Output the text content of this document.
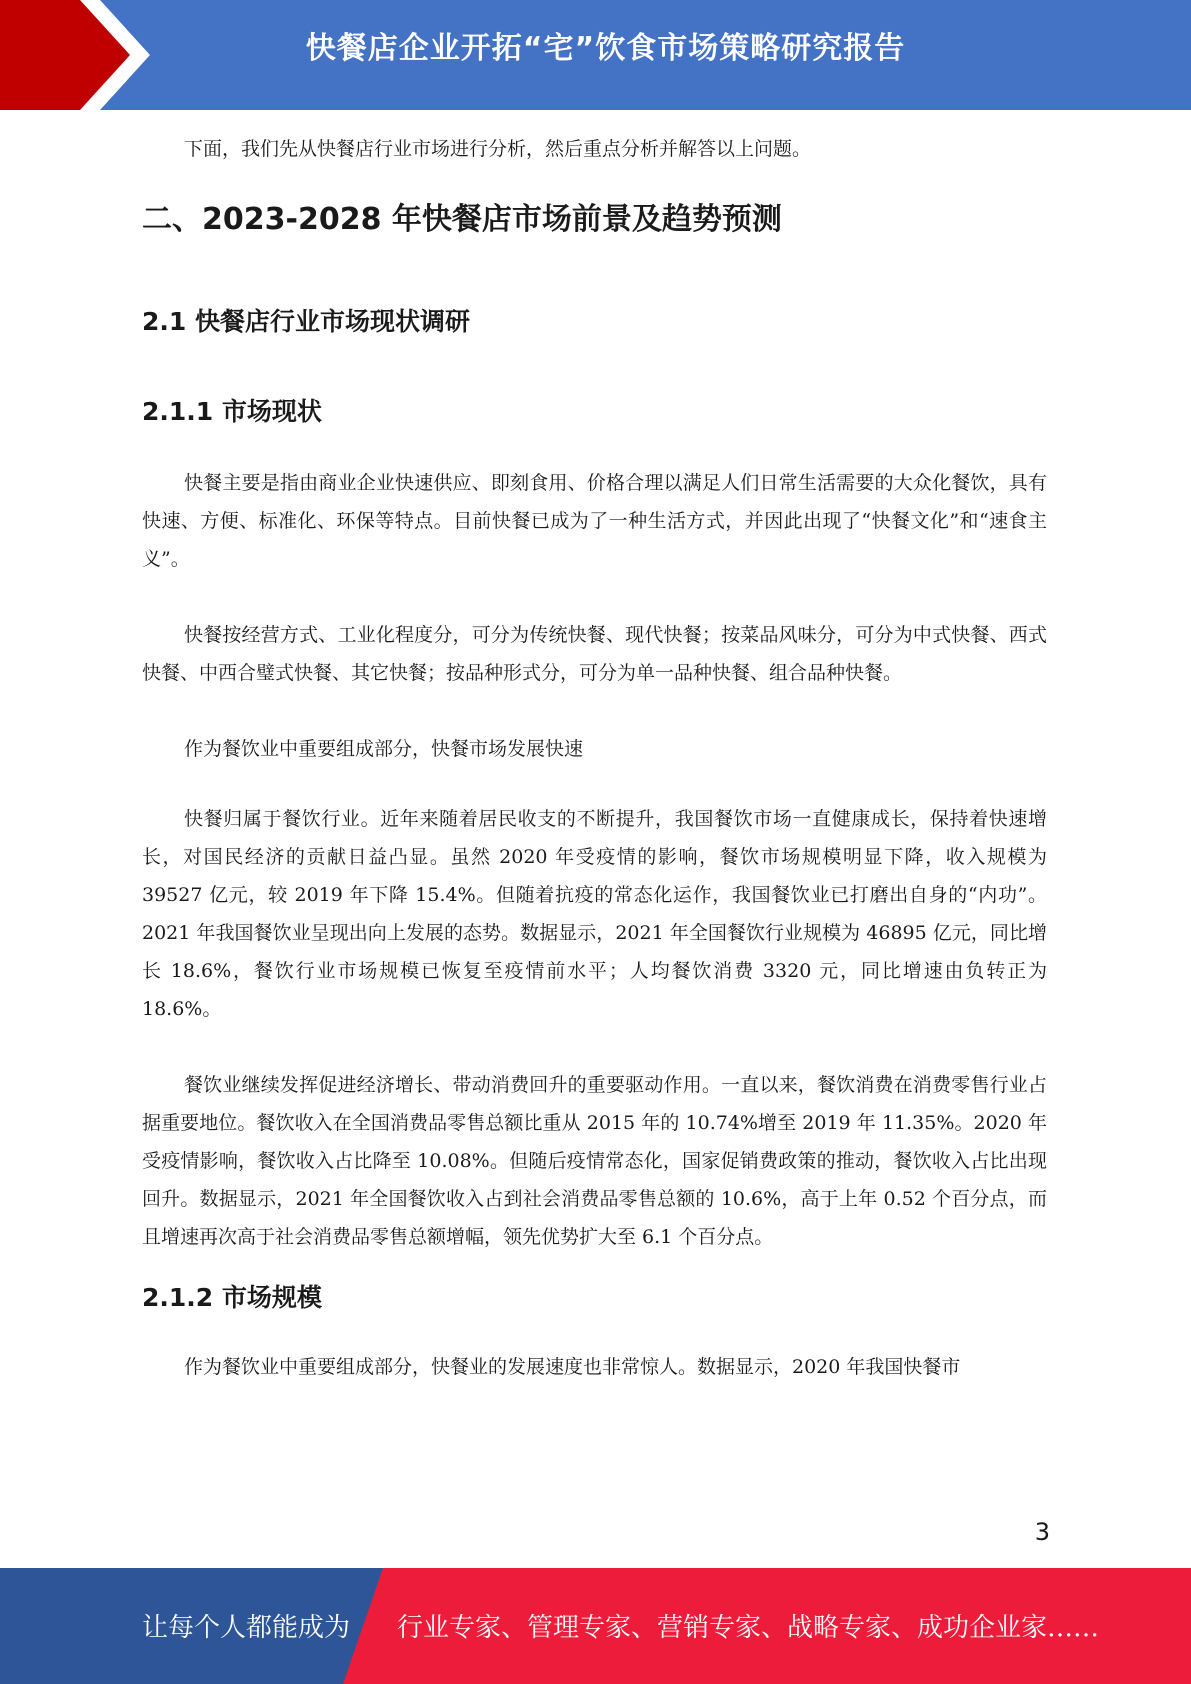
快餐店企业开拓“宅”饮食市场策略研究报告

下面，我们先从快餐店行业市场进行分析，然后重点分析并解答以上问题。

二、2023-2028 年快餐店市场前景及趋势预测
2.1 快餐店行业市场现状调研
2.1.1 市场现状

快餐主要是指由商业企业快速供应、即刻食用、价格合理以满足人们日常生活需要的大众化餐饮，具有快速、方便、标准化、环保等特点。目前快餐已成为了一种生活方式，并因此出现了“快餐文化”和“速食主义”。

快餐按经营方式、工业化程度分，可分为传统快餐、现代快餐；按菜品风味分，可分为中式快餐、西式快餐、中西合璧式快餐、其它快餐；按品种形式分，可分为单一品种快餐、组合品种快餐。

作为餐饮业中重要组成部分，快餐市场发展快速

快餐归属于餐饮行业。近年来随着居民收支的不断提升，我国餐饮市场一直健康成长，保持着快速增长，对国民经济的贡献日益凸显。虽然 2020 年受疫情的影响，餐饮市场规模明显下降，收入规模为 39527 亿元，较 2019 年下降 15.4%。但随着抗疫的常态化运作，我国餐饮业已打磨出自身的“内功”。2021 年我国餐饮业呈现出向上发展的态势。数据显示，2021 年全国餐饮行业规模为 46895 亿元，同比增长 18.6%，餐饮行业市场规模已恢复至疫情前水平；人均餐饮消费 3320 元，同比增速由负转正为 18.6%。

餐饮业继续发挥促进经济增长、带动消费回升的重要驱动作用。一直以来，餐饮消费在消费零售行业占据重要地位。餐饮收入在全国消费品零售总额比重从 2015 年的 10.74%增至 2019 年 11.35%。2020 年受疫情影响，餐饮收入占比降至 10.08%。但随后疫情常态化，国家促销费政策的推动，餐饮收入占比出现回升。数据显示，2021 年全国餐饮收入占到社会消费品零售总额的 10.6%，高于上年 0.52 个百分点，而且增速再次高于社会消费品零售总额增幅，领先优势扩大至 6.1 个百分点。

2.1.2 市场规模

作为餐饮业中重要组成部分，快餐业的发展速度也非常惊人。数据显示，2020 年我国快餐市

3
让每个人都能成为 行业专家、管理专家、营销专家、战略专家、成功企业家……
